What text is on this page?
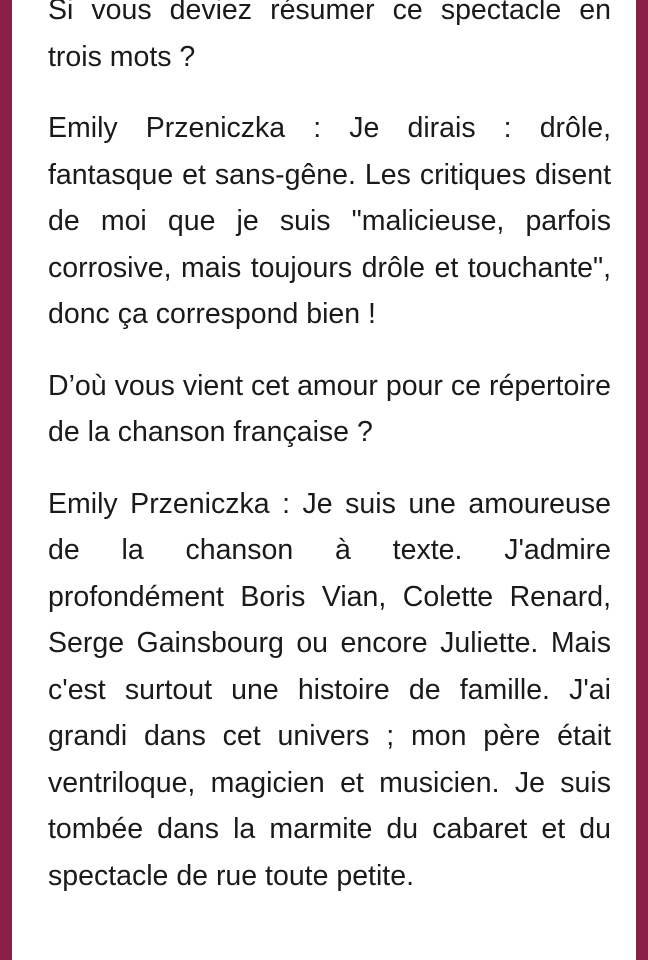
Si vous deviez résumer ce spectacle en trois mots ?

Emily Przeniczka : Je dirais : drôle, fantasque et sans-gêne. Les critiques disent de moi que je suis "malicieuse, parfois corrosive, mais toujours drôle et touchante", donc ça correspond bien !

D’où vous vient cet amour pour ce répertoire de la chanson française ?

Emily Przeniczka : Je suis une amoureuse de la chanson à texte. J'admire profondément Boris Vian, Colette Renard, Serge Gainsbourg ou encore Juliette. Mais c'est surtout une histoire de famille. J'ai grandi dans cet univers ; mon père était ventriloque, magicien et musicien. Je suis tombée dans la marmite du cabaret et du spectacle de rue toute petite.
